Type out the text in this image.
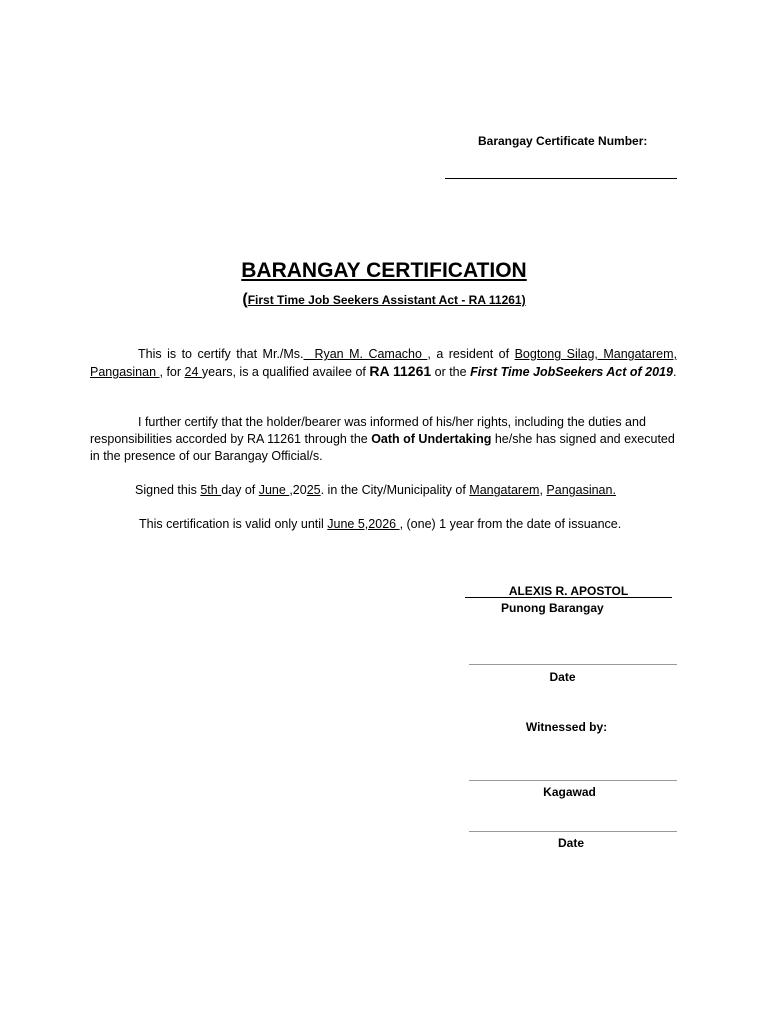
Barangay Certificate Number:
BARANGAY CERTIFICATION
(First Time Job Seekers Assistant Act - RA 11261)
This is to certify that Mr./Ms.  Ryan M. Camacho , a resident of Bogtong Silag, Mangatarem, Pangasinan , for 24 years, is a qualified availee of RA 11261 or the First Time JobSeekers Act of 2019.
I further certify that the holder/bearer was informed of his/her rights, including the duties and responsibilities accorded by RA 11261 through the Oath of Undertaking he/she has signed and executed in the presence of our Barangay Official/s.
Signed this 5th day of June ,2025. in the City/Municipality of Mangatarem, Pangasinan.
This certification is valid only until June 5,2026 , (one) 1 year from the date of issuance.
ALEXIS R. APOSTOL
Punong Barangay
Date
Witnessed by:
Kagawad
Date
